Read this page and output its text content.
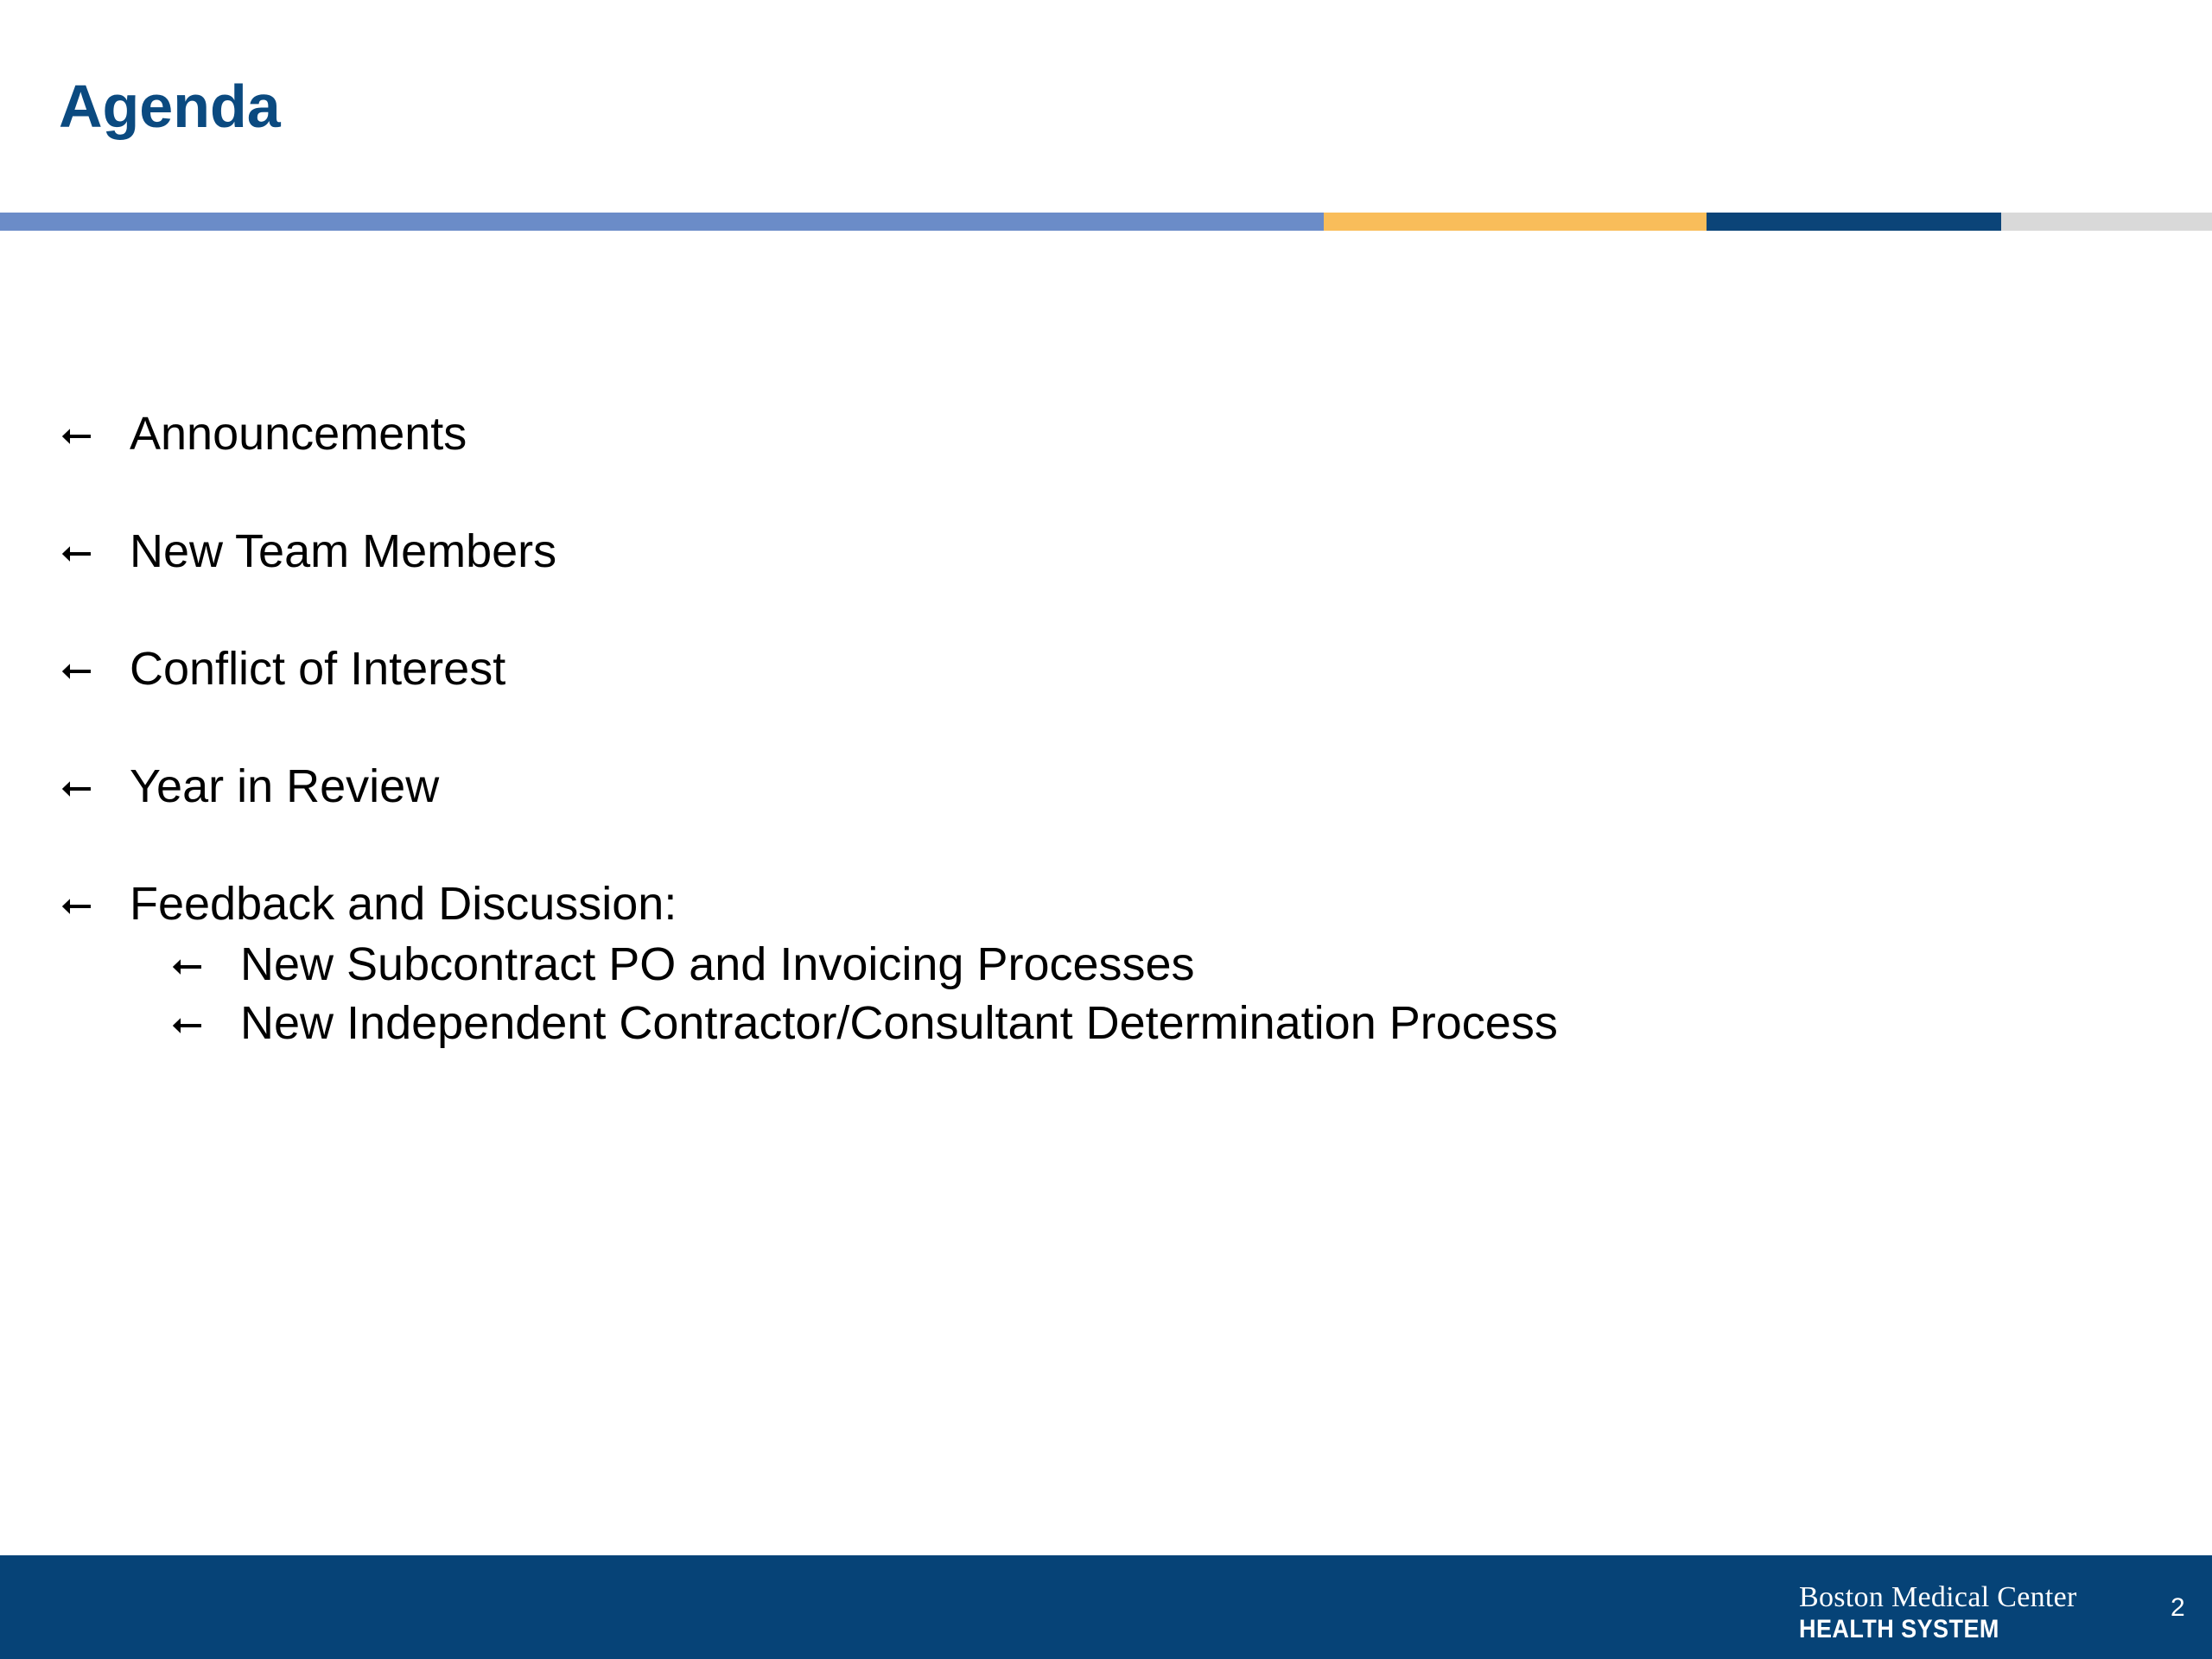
Agenda
⭠ Announcements
⭠ New Team Members
⭠ Conflict of Interest
⭠ Year in Review
⭠ Feedback and Discussion:
⭠ New Subcontract PO and Invoicing Processes
⭠ New Independent Contractor/Consultant Determination Process
Boston Medical Center
HEALTH SYSTEM
2
